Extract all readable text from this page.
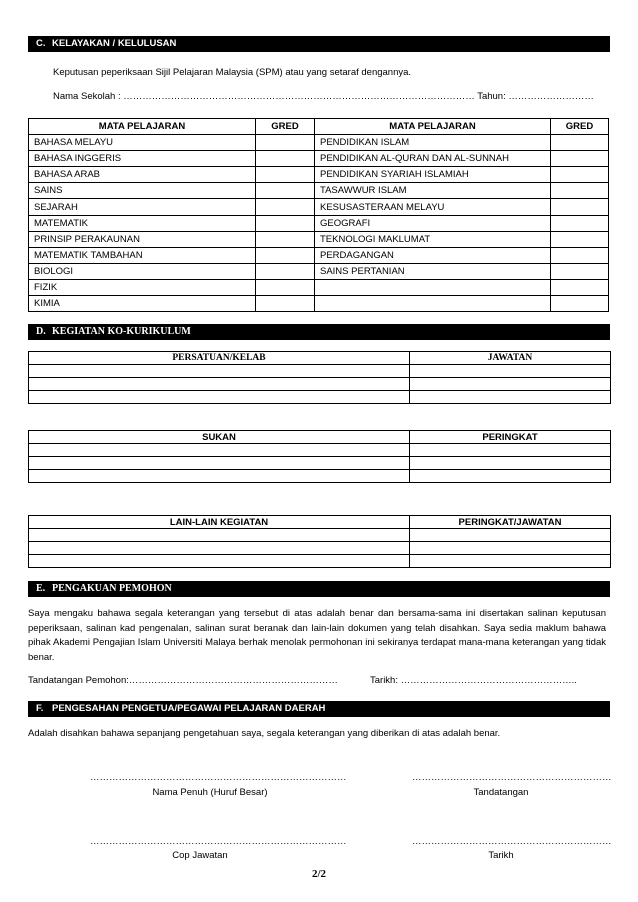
C. KELAYAKAN / KELULUSAN
Keputusan peperiksaan Sijil Pelajaran Malaysia (SPM) atau yang setaraf dengannya.
Nama Sekolah : ………………………………………………………………………………………………… Tahun: ………………………
MATA PELAJARAN	GRED	MATA PELAJARAN	GRED
BAHASA MELAYU		PENDIDIKAN ISLAM	
BAHASA INGGERIS		PENDIDIKAN AL-QURAN DAN AL-SUNNAH	
BAHASA ARAB		PENDIDIKAN SYARIAH ISLAMIAH	
SAINS		TASAWWUR ISLAM	
SEJARAH		KESUSASTERAAN MELAYU	
MATEMATIK		GEOGRAFI	
PRINSIP PERAKAUNAN		TEKNOLOGI MAKLUMAT	
MATEMATIK TAMBAHAN		PERDAGANGAN	
BIOLOGI		SAINS PERTANIAN	
FIZIK			
KIMIA			
D. KEGIATAN KO-KURIKULUM
PERSATUAN/KELAB	JAWATAN

SUKAN	PERINGKAT

LAIN-LAIN KEGIATAN	PERINGKAT/JAWATAN

E. PENGAKUAN PEMOHON
Saya mengaku bahawa segala keterangan yang tersebut di atas adalah benar dan bersama-sama ini disertakan salinan keputusan peperiksaan, salinan kad pengenalan, salinan surat beranak dan lain-lain dokumen yang telah disahkan. Saya sedia maklum bahawa pihak Akademi Pengajian Islam Universiti Malaya berhak menolak permohonan ini sekiranya terdapat mana-mana keterangan yang tidak benar.
Tandatangan Pemohon:…………………………………………………………	Tarikh: ………………………………………………..
F. PENGESAHAN PENGETUA/PEGAWAI PELAJARAN DAERAH
Adalah disahkan bahawa sepanjang pengetahuan saya, segala keterangan yang diberikan di atas adalah benar.
………………………………………………………………………	………………………………………………………
Nama Penuh (Huruf Besar)	Tandatangan
………………………………………………………………………	………………………………………………………
Cop Jawatan	Tarikh
2/2
